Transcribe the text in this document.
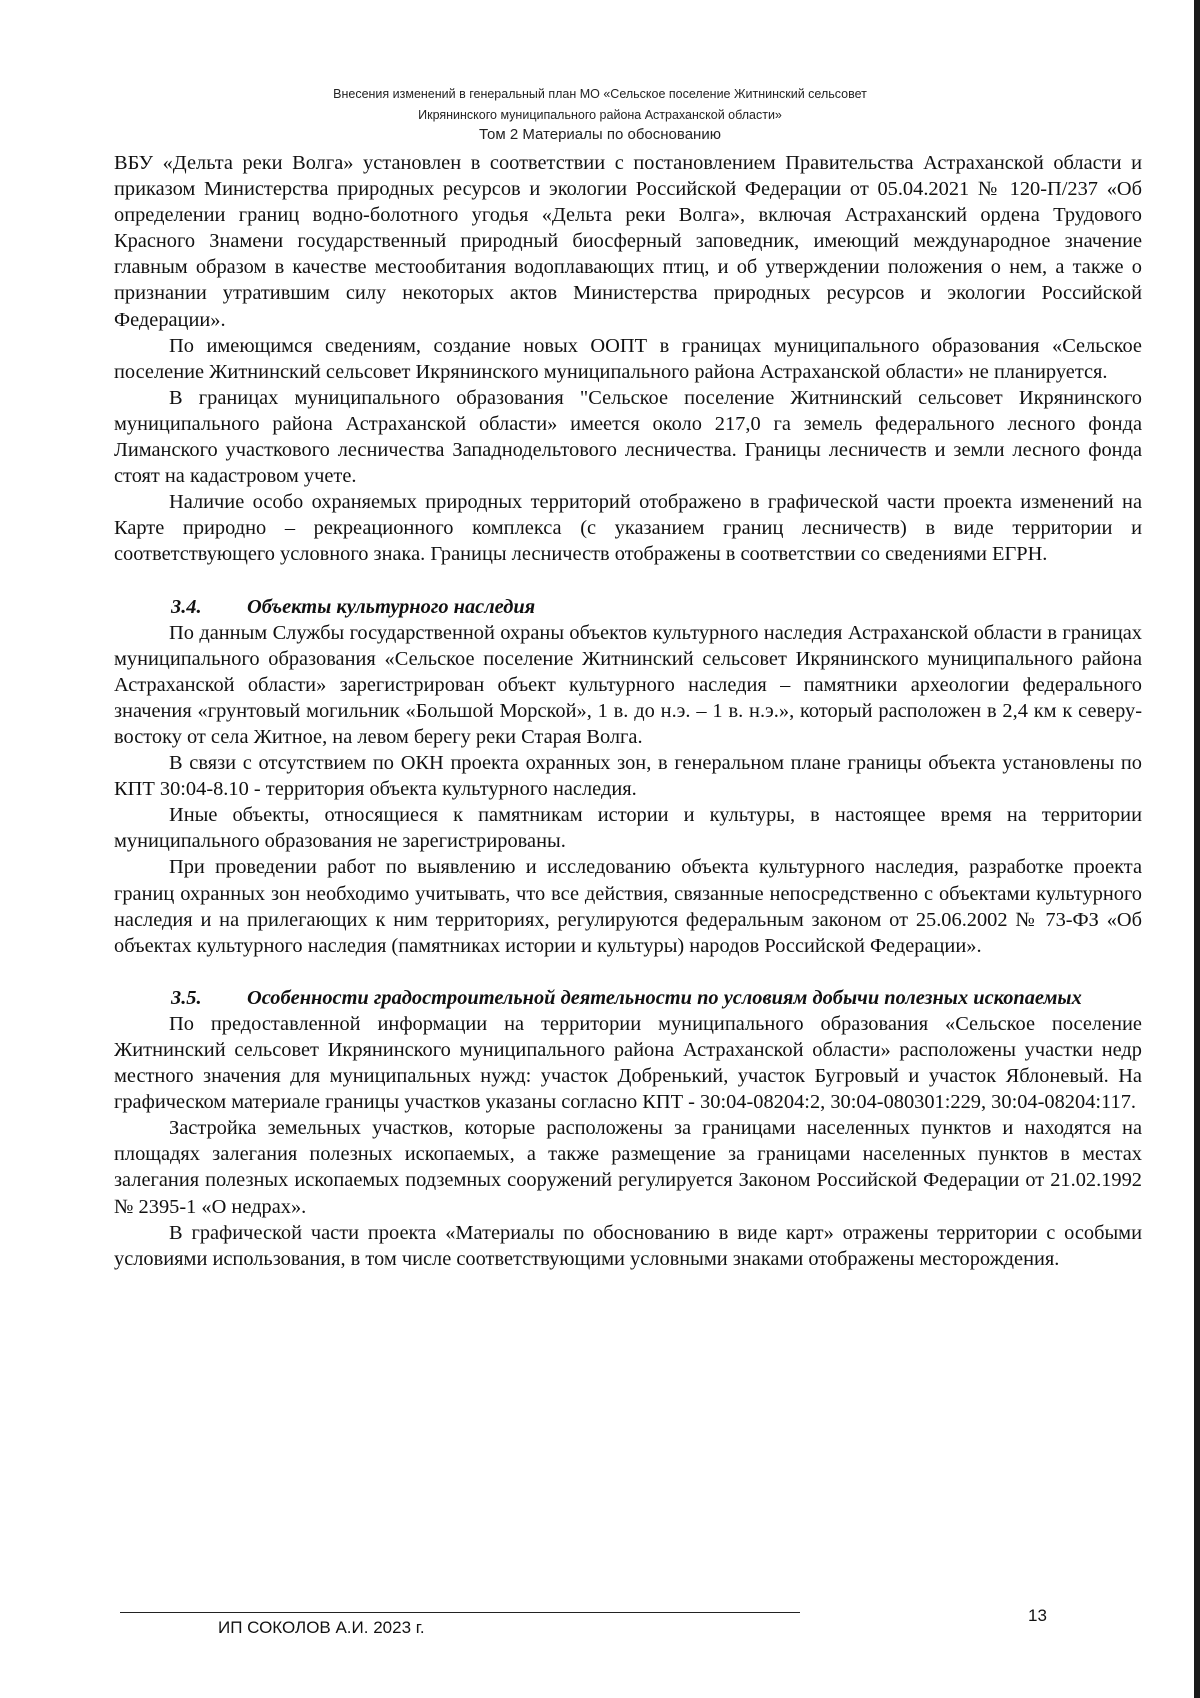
Внесения изменений в генеральный план МО «Сельское поселение Житнинский сельсовет
Икрянинского муниципального района Астраханской области»
Том 2 Материалы по обоснованию

ВБУ «Дельта реки Волга» установлен в соответствии с постановлением Правительства Астраханской области и приказом Министерства природных ресурсов и экологии Российской Федерации от 05.04.2021 № 120-П/237 «Об определении границ водно-болотного угодья «Дельта реки Волга», включая Астраханский ордена Трудового Красного Знамени государственный природный биосферный заповедник, имеющий международное значение главным образом в качестве местообитания водоплавающих птиц, и об утверждении положения о нем, а также о признании утратившим силу некоторых актов Министерства природных ресурсов и экологии Российской Федерации».

По имеющимся сведениям, создание новых ООПТ в границах муниципального образования «Сельское поселение Житнинский сельсовет Икрянинского муниципального района Астраханской области» не планируется.

В границах муниципального образования "Сельское поселение Житнинский сельсовет Икрянинского муниципального района Астраханской области» имеется около 217,0 га земель федерального лесного фонда Лиманского участкового лесничества Западнодельтового лесничества. Границы лесничеств и земли лесного фонда стоят на кадастровом учете.

Наличие особо охраняемых природных территорий отображено в графической части проекта изменений на Карте природно – рекреационного комплекса (с указанием границ лесничеств) в виде территории и соответствующего условного знака. Границы лесничеств отображены в соответствии со сведениями ЕГРН.

3.4.	Объекты культурного наследия

По данным Службы государственной охраны объектов культурного наследия Астраханской области в границах муниципального образования «Сельское поселение Житнинский сельсовет Икрянинского муниципального района Астраханской области» зарегистрирован объект культурного наследия – памятники археологии федерального значения «грунтовый могильник «Большой Морской», 1 в. до н.э. – 1 в. н.э.», который расположен в 2,4 км к северу-востоку от села Житное, на левом берегу реки Старая Волга.

В связи с отсутствием по ОКН проекта охранных зон, в генеральном плане границы объекта установлены по КПТ 30:04-8.10 - территория объекта культурного наследия.

Иные объекты, относящиеся к памятникам истории и культуры, в настоящее время на территории муниципального образования не зарегистрированы.

При проведении работ по выявлению и исследованию объекта культурного наследия, разработке проекта границ охранных зон необходимо учитывать, что все действия, связанные непосредственно с объектами культурного наследия и на прилегающих к ним территориях, регулируются федеральным законом от 25.06.2002 № 73-ФЗ «Об объектах культурного наследия (памятниках истории и культуры) народов Российской Федерации».

3.5.	Особенности градостроительной деятельности по условиям добычи полезных ископаемых

По предоставленной информации на территории муниципального образования «Сельское поселение Житнинский сельсовет Икрянинского муниципального района Астраханской области» расположены участки недр местного значения для муниципальных нужд: участок Добренький, участок Бугровый и участок Яблоневый. На графическом материале границы участков указаны согласно КПТ - 30:04-08204:2, 30:04-080301:229, 30:04-08204:117.

Застройка земельных участков, которые расположены за границами населенных пунктов и находятся на площадях залегания полезных ископаемых, а также размещение за границами населенных пунктов в местах залегания полезных ископаемых подземных сооружений регулируется Законом Российской Федерации от 21.02.1992 № 2395-1 «О недрах».

В графической части проекта «Материалы по обоснованию в виде карт» отражены территории с особыми условиями использования, в том числе соответствующими условными знаками отображены месторождения.

ИП СОКОЛОВ А.И. 2023 г.
13
